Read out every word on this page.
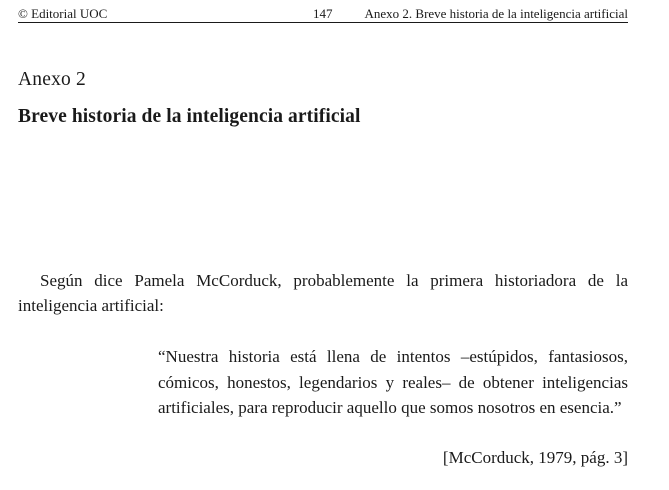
© Editorial UOC	147 Anexo 2. Breve historia de la inteligencia artificial
Anexo 2
Breve historia de la inteligencia artificial

Según dice Pamela McCorduck, probablemente la primera historiadora de la inteligencia artificial:

“Nuestra historia está llena de intentos –estúpidos, fantasiosos, cómicos, honestos, legendarios y reales– de obtener inteligencias artificiales, para reproducir aquello que somos nosotros en esencia.”

[McCorduck, 1979, pág. 3]
